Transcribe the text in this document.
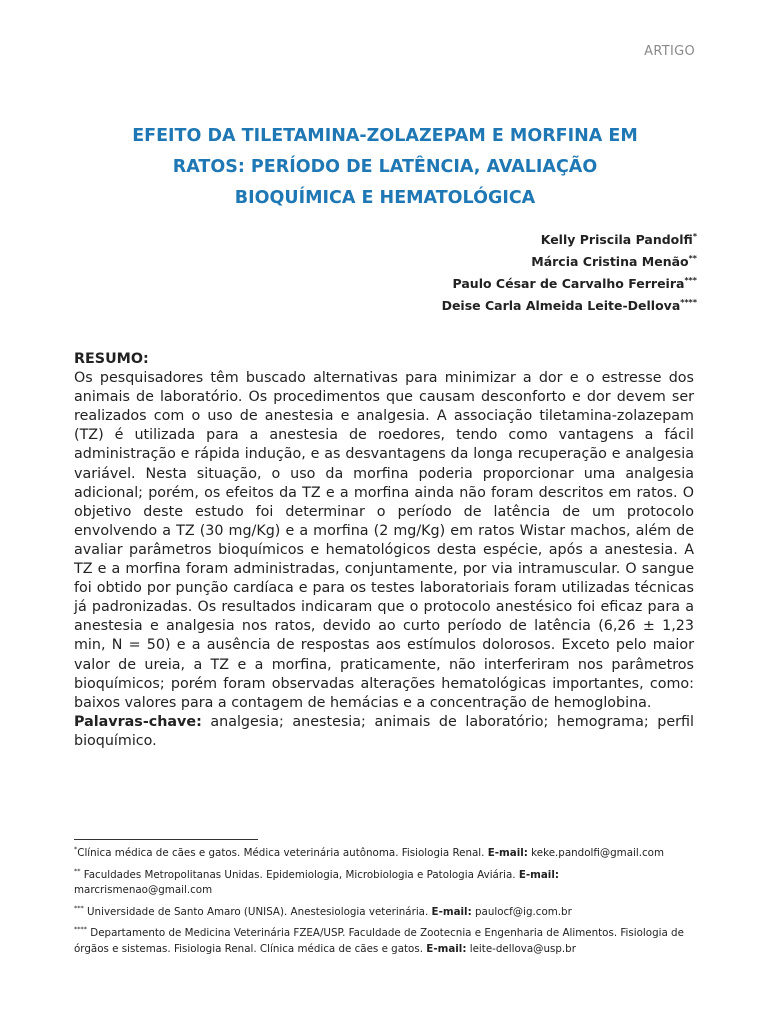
ARTIGO
EFEITO DA TILETAMINA-ZOLAZEPAM E MORFINA EM
RATOS: PERÍODO DE LATÊNCIA, AVALIAÇÃO
BIOQUÍMICA E HEMATOLÓGICA
Kelly Priscila Pandolfi*
Márcia Cristina Menão**
Paulo César de Carvalho Ferreira***
Deise Carla Almeida Leite-Dellova****
RESUMO:

Os pesquisadores têm buscado alternativas para minimizar a dor e o estresse dos animais de laboratório. Os procedimentos que causam desconforto e dor devem ser realizados com o uso de anestesia e analgesia. A associação tiletamina-zolazepam (TZ) é utilizada para a anestesia de roedores, tendo como vantagens a fácil administração e rápida indução, e as desvantagens da longa recuperação e analgesia variável. Nesta situação, o uso da morfina poderia proporcionar uma analgesia adicional; porém, os efeitos da TZ e a morfina ainda não foram descritos em ratos. O objetivo deste estudo foi determinar o período de latência de um protocolo envolvendo a TZ (30 mg/Kg) e a morfina (2 mg/Kg) em ratos Wistar machos, além de avaliar parâmetros bioquímicos e hematológicos desta espécie, após a anestesia. A TZ e a morfina foram administradas, conjuntamente, por via intramuscular. O sangue foi obtido por punção cardíaca e para os testes laboratoriais foram utilizadas técnicas já padronizadas. Os resultados indicaram que o protocolo anestésico foi eficaz para a anestesia e analgesia nos ratos, devido ao curto período de latência (6,26 ± 1,23 min, N = 50) e a ausência de respostas aos estímulos dolorosos. Exceto pelo maior valor de ureia, a TZ e a morfina, praticamente, não interferiram nos parâmetros bioquímicos; porém foram observadas alterações hematológicas importantes, como: baixos valores para a contagem de hemácias e a concentração de hemoglobina.

Palavras-chave: analgesia; anestesia; animais de laboratório; hemograma; perfil bioquímico.

*Clínica médica de cães e gatos. Médica veterinária autônoma. Fisiologia Renal. E-mail: keke.pandolfi@gmail.com
** Faculdades Metropolitanas Unidas. Epidemiologia, Microbiologia e Patologia Aviária. E-mail: marcrismenao@gmail.com
*** Universidade de Santo Amaro (UNISA). Anestesiologia veterinária. E-mail: paulocf@ig.com.br
**** Departamento de Medicina Veterinária FZEA/USP. Faculdade de Zootecnia e Engenharia de Alimentos. Fisiologia de órgãos e sistemas. Fisiologia Renal. Clínica médica de cães e gatos. E-mail: leite-dellova@usp.br
